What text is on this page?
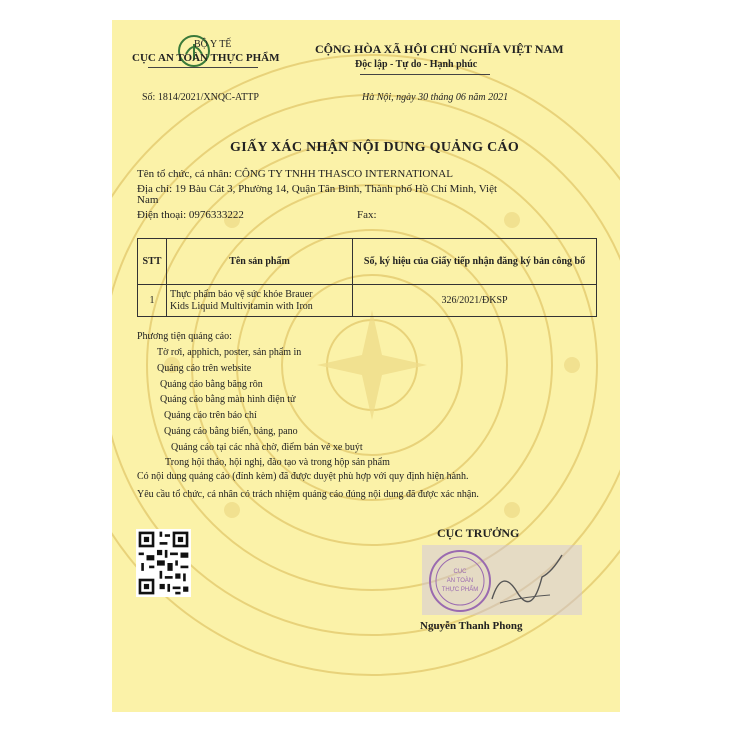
BỘ Y TẾ
CỤC AN TOÀN THỰC PHẨM
CỘNG HÒA XÃ HỘI CHỦ NGHĨA VIỆT NAM
Độc lập - Tự do - Hạnh phúc
Số: 1814/2021/XNQC-ATTP	Hà Nội, ngày 30 tháng 06 năm 2021
GIẤY XÁC NHẬN NỘI DUNG QUẢNG CÁO
Tên tổ chức, cá nhân: CÔNG TY TNHH THASCO INTERNATIONAL
Địa chỉ: 19 Bàu Cát 3, Phường 14, Quận Tân Bình, Thành phố Hồ Chí Minh, Việt
Nam
Điện thoại: 0976333222	Fax:
STT	Tên sản phẩm	Số, ký hiệu của Giấy tiếp nhận đăng ký bản công bố
1	Thực phẩm bảo vệ sức khỏe Brauer
Kids Liquid Multivitamin with Iron	326/2021/ĐKSP
Phương tiện quảng cáo:
Tờ rơi, apphich, poster, sản phẩm in
Quảng cáo trên website
Quảng cáo bằng băng rôn
Quảng cáo bằng màn hình điện tử
Quảng cáo trên báo chí
Quảng cáo bằng biển, bảng, pano
Quảng cáo tại các nhà chờ, điểm bán vé xe buýt
Trong hội thảo, hội nghị, đào tạo và trong hộp sản phẩm
Có nội dung quảng cáo (đính kèm) đã được duyệt phù hợp với quy định hiện hành.
Yêu cầu tổ chức, cá nhân có trách nhiệm quảng cáo đúng nội dung đã được xác nhận.
CỤC TRƯỞNG
CỤC
AN TOÀN
THỰC PHẨM
Nguyễn Thanh Phong
